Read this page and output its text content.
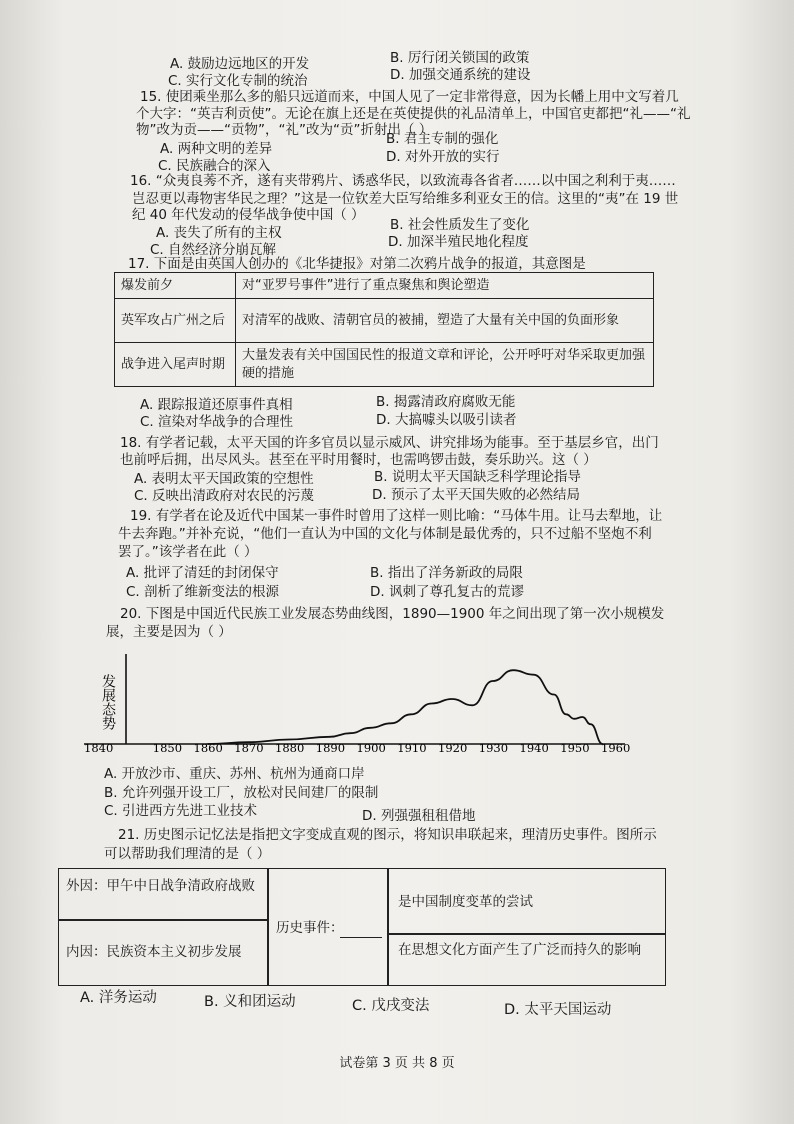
A. 鼓励边远地区的开发	B. 厉行闭关锁国的政策
C. 实行文化专制的统治	D. 加强交通系统的建设
15. 使团乘坐那么多的船只远道而来，中国人见了一定非常得意，因为长幡上用中文写着几
个大字：“英吉利贡使”。无论在旗上还是在英使提供的礼品清单上，中国官吏都把“礼——“礼
物”改为贡——“贡物”，“礼”改为“贡”折射出（ ）
A. 两种文明的差异
B. 君主专制的强化
C. 民族融合的深入
D. 对外开放的实行
16. “众夷良莠不齐，遂有夹带鸦片、诱惑华民，以致流毒各省者……以中国之利利于夷……
岂忍更以毒物害华民之理？”这是一位钦差大臣写给维多利亚女王的信。这里的“夷”在 19 世
纪 40 年代发动的侵华战争使中国（ ）
A. 丧失了所有的主权	B. 社会性质发生了变化
C. 自然经济分崩瓦解	D. 加深半殖民地化程度
17. 下面是由英国人创办的《北华捷报》对第二次鸦片战争的报道，其意图是
爆发前夕	对“亚罗号事件”进行了重点聚焦和舆论塑造
英军攻占广州之后	对清军的战败、清朝官员的被捕，塑造了大量有关中国的负面形象
战争进入尾声时期	大量发表有关中国国民性的报道文章和评论，公开呼吁对华采取更加强硬的措施
A. 跟踪报道还原事件真相	B. 揭露清政府腐败无能
C. 渲染对华战争的合理性	D. 大搞噱头以吸引读者
18. 有学者记载，太平天国的许多官员以显示威风、讲究排场为能事。至于基层乡官，出门
也前呼后拥，出尽风头。甚至在平时用餐时，也需鸣锣击鼓，奏乐助兴。这（ ）
A. 表明太平天国政策的空想性	B. 说明太平天国缺乏科学理论指导
C. 反映出清政府对农民的污蔑	D. 预示了太平天国失败的必然结局
19. 有学者在论及近代中国某一事件时曾用了这样一则比喻：“马体牛用。让马去犁地，让
牛去奔跑。”并补充说，“他们一直认为中国的文化与体制是最优秀的，只不过船不坚炮不利
罢了。”该学者在此（ ）
A. 批评了清廷的封闭保守	B. 指出了洋务新政的局限
C. 剖析了维新变法的根源	D. 讽刺了尊孔复古的荒谬
20. 下图是中国近代民族工业发展态势曲线图，1890—1900 年之间出现了第一次小规模发
展，主要是因为（ ）
发展态势
1840	1850 1860 1870 1880 1890 1900 1910 1920 1930 1940 1950 1960
A. 开放沙市、重庆、苏州、杭州为通商口岸
B. 允许列强开设工厂，放松对民间建厂的限制
C. 引进西方先进工业技术	D. 列强强租租借地
21. 历史图示记忆法是指把文字变成直观的图示，将知识串联起来，理清历史事件。图所示
可以帮助我们理清的是（ ）
外因：甲午中日战争清政府战败
内因：民族资本主义初步发展
历史事件：
是中国制度变革的尝试
在思想文化方面产生了广泛而持久的影响
A. 洋务运动	B. 义和团运动	C. 戊戌变法	D. 太平天国运动
试卷第 3 页 共 8 页
